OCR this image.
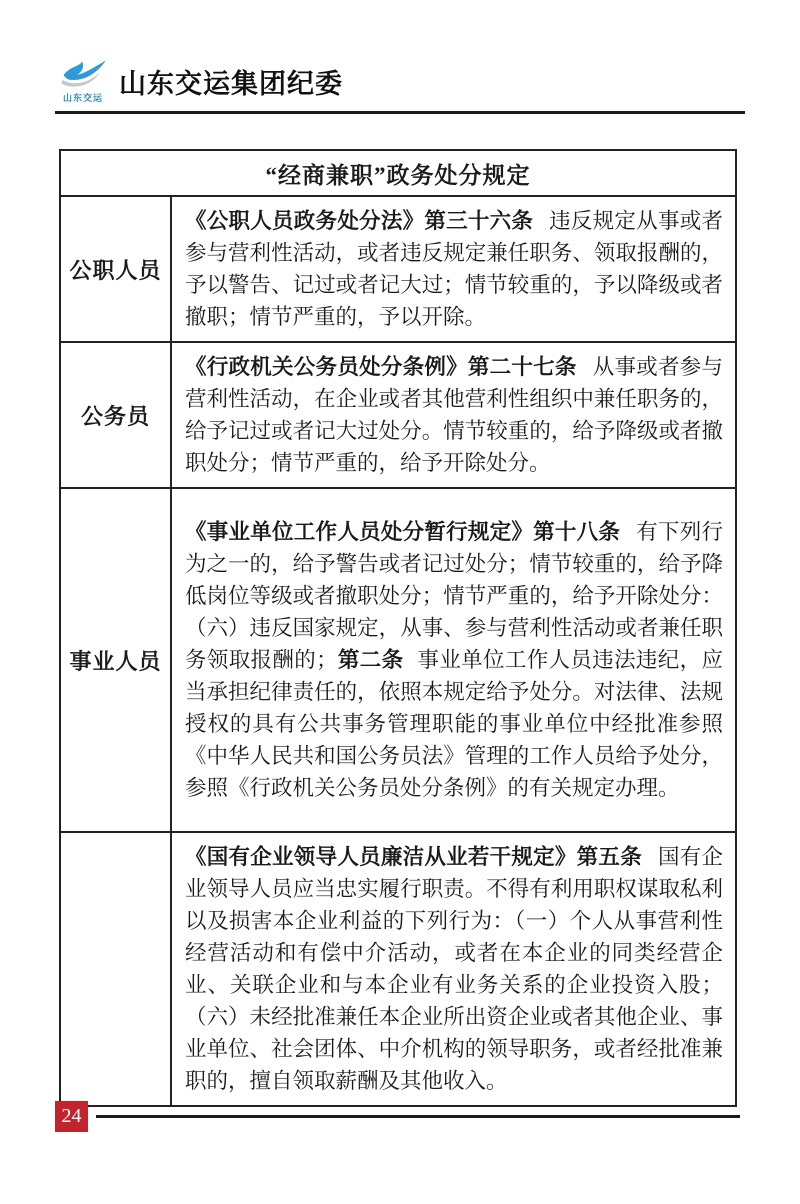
山东交运 山东交运集团纪委
“经商兼职”政务处分规定	
公职人员	《公职人员政务处分法》第三十六条 违反规定从事或者参与营利性活动，或者违反规定兼任职务、领取报酬的，予以警告、记过或者记大过；情节较重的，予以降级或者撤职；情节严重的，予以开除。

公务员	《行政机关公务员处分条例》第二十七条 从事或者参与营利性活动，在企业或者其他营利性组织中兼任职务的，给予记过或者记大过处分。情节较重的，给予降级或者撤职处分；情节严重的，给予开除处分。

事业人员	《事业单位工作人员处分暂行规定》第十八条 有下列行为之一的，给予警告或者记过处分；情节较重的，给予降低岗位等级或者撤职处分；情节严重的，给予开除处分：（六）违反国家规定，从事、参与营利性活动或者兼任职务领取报酬的；第二条 事业单位工作人员违法违纪，应当承担纪律责任的，依照本规定给予处分。对法律、法规授权的具有公共事务管理职能的事业单位中经批准参照《中华人民共和国公务员法》管理的工作人员给予处分，参照《行政机关公务员处分条例》的有关规定办理。

	《国有企业领导人员廉洁从业若干规定》第五条 国有企业领导人员应当忠实履行职责。不得有利用职权谋取私利以及损害本企业利益的下列行为：（一）个人从事营利性经营活动和有偿中介活动，或者在本企业的同类经营企业、关联企业和与本企业有业务关系的企业投资入股；（六）未经批准兼任本企业所出资企业或者其他企业、事业单位、社会团体、中介机构的领导职务，或者经批准兼职的，擅自领取薪酬及其他收入。

24
